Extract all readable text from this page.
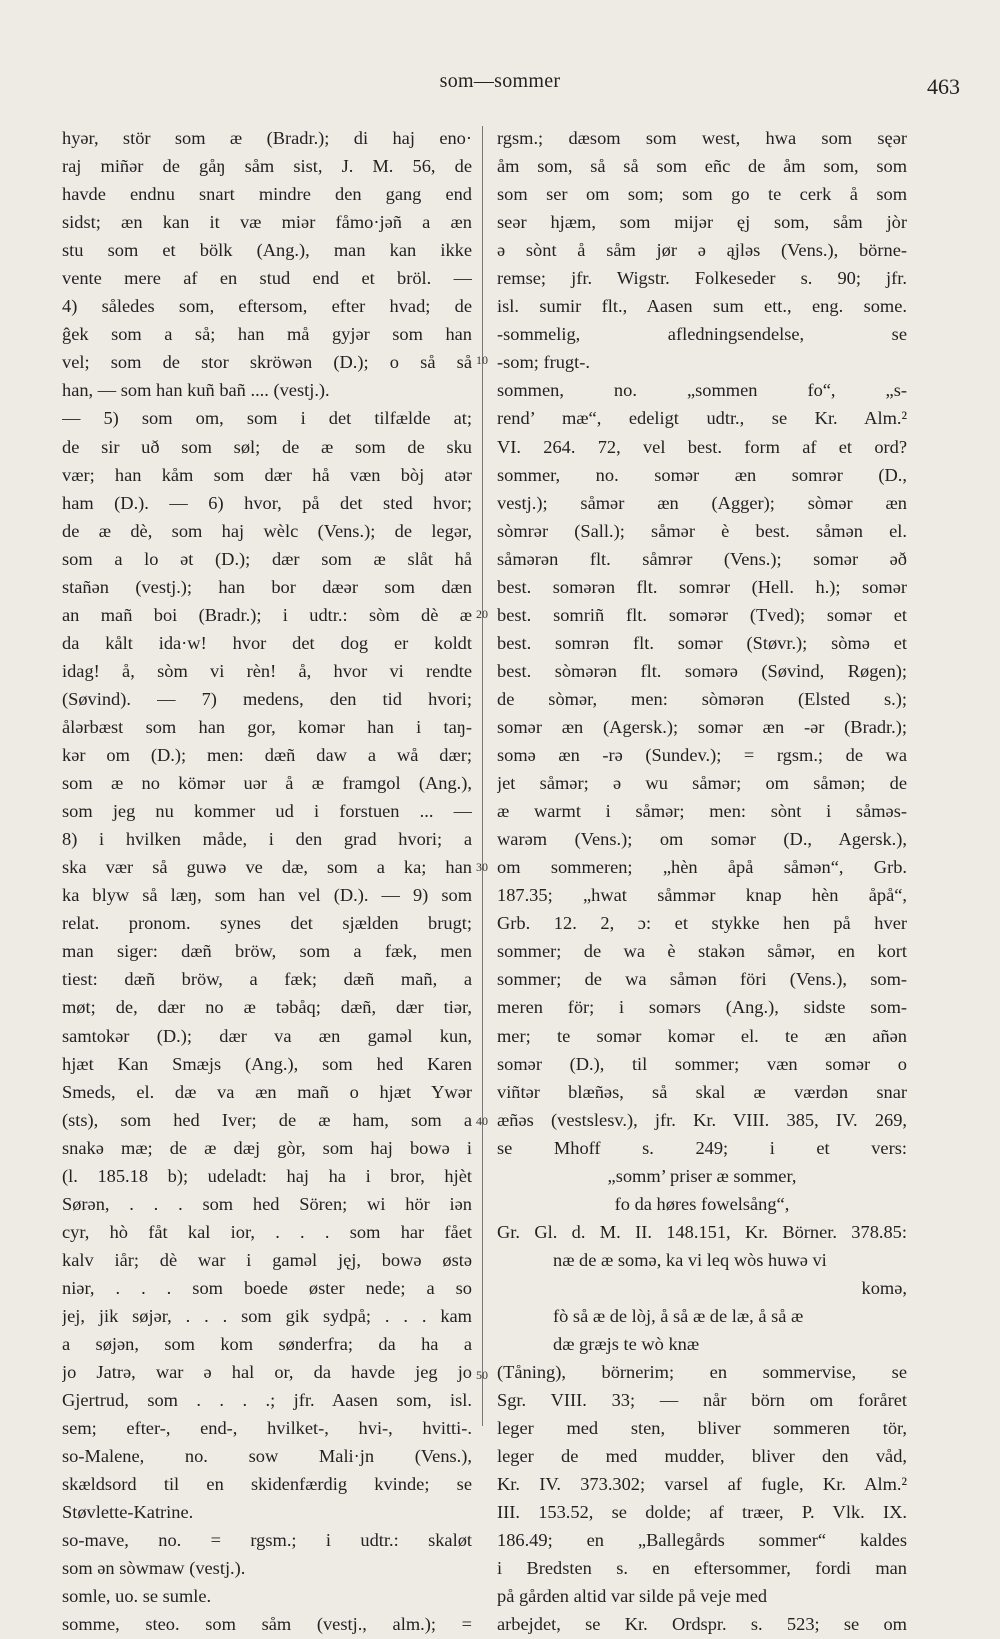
som—sommer	463
10
20
30
40
50
hyər, stör som æ (Bradr.); di haj eno·
raj miñər de gåŋ såm sist, J. M. 56, de
havde endnu snart mindre den gang end
sidst; æn kan it væ miər fåmo·jəñ a æn
stu som et bölk (Ang.), man kan ikke
vente mere af en stud end et bröl. —
4) således som, eftersom, efter hvad; de
ĝek som a så; han må gyjər som han
vel; som de stor skröwən (D.); o så så
han, — som han kuñ bañ .... (vestj.).
— 5) som om, som i det tilfælde at;
de sir uð som søl; de æ som de sku
vær; han kåm som dær hå væn bòj atər
ham (D.). — 6) hvor, på det sted hvor;
de æ dè, som haj wèlc (Vens.); de legər,
som a lo ət (D.); dær som æ slåt hå
stañən (vestj.); han bor dæər som dæn
an mañ boi (Bradr.); i udtr.: sòm dè æ
da kålt ida·w! hvor det dog er koldt
idag! å, sòm vi rèn! å, hvor vi rendte
(Søvind). — 7) medens, den tid hvori;
ålərbæst som han gor, komər han i taŋ-
kər om (D.); men: dæñ daw a wå dær;
som æ no kömər uər å æ framgol (Ang.),
som jeg nu kommer ud i forstuen ... —
8) i hvilken måde, i den grad hvori; a
ska vær så guwə ve dæ, som a ka; han
ka blyw så læŋ, som han vel (D.). — 9) som
relat. pronom. synes det sjælden brugt;
man siger: dæñ bröw, som a fæk, men
tiest: dæñ bröw, a fæk; dæñ mañ, a
møt; de, dær no æ təbåq; dæñ, dær tiər,
samtokər (D.); dær va æn gaməl kun,
hjæt Kan Smæjs (Ang.), som hed Karen
Smeds, el. dæ va æn mañ o hjæt Ywər
(sts), som hed Iver; de æ ham, som a
snakə mæ; de æ dæj gòr, som haj bowə i
(l. 185.18 b); udeladt: haj ha i bror, hjèt
Sørən, . . . som hed Sören; wi hör iən
cyr, hò fåt kal ior, . . . som har fået
kalv iår; dè war i gaməl jęj, bowə østə
niər, . . . som boede øster nede; a so
jej, jik søjər, . . . som gik sydpå; . . . kam
a søjən, som kom sønderfra; da ha a
jo Jatrə, war ə hal or, da havde jeg jo
Gjertrud, som . . . .; jfr. Aasen som, isl.
sem; efter-, end-, hvilket-, hvi-, hvitti-.
so-Malene, no. sow Mali·jn (Vens.),
skældsord til en skidenfærdig kvinde; se
Støvlette-Katrine.
so-mave, no. = rgsm.; i udtr.: skaløt
som ən sòwmaw (vestj.).
somle, uo. se sumle.
somme, steo. som såm (vestj., alm.); =
rgsm.; dæsom som west, hwa som sęər
åm som, så så som eñc de åm som, som
som ser om som; som go te cerk å som
seər hjæm, som mijər ęj som, såm jòr
ə sònt å såm jør ə ąjləs (Vens.), börne-
remse; jfr. Wigstr. Folkeseder s. 90; jfr.
isl. sumir flt., Aasen sum ett., eng. some.
-sommelig, afledningsendelse, se
-som; frugt-.
sommen, no. „sommen fo“, „s-
rend’ mæ“, edeligt udtr., se Kr. Alm.²
VI. 264. 72, vel best. form af et ord?
sommer, no. somər æn somrər (D.,
vestj.); såmər æn (Agger); sòmər æn
sòmrər (Sall.); såmər è best. såmən el.
såmərən flt. såmrər (Vens.); somər əð
best. somərən flt. somrər (Hell. h.); somər
best. somriñ flt. somərər (Tved); somər et
best. somrən flt. somər (Støvr.); sòmə et
best. sòmərən flt. somərə (Søvind, Røgen);
de sòmər, men: sòmərən (Elsted s.);
somər æn (Agersk.); somər æn -ər (Bradr.);
somə æn -rə (Sundev.); = rgsm.; de wa
jet såmər; ə wu såmər; om såmən; de
æ warmt i såmər; men: sònt i såməs-
warəm (Vens.); om somər (D., Agersk.),
om sommeren; „hèn åpå såmən“, Grb.
187.35; „hwat såmmər knap hèn åpå“,
Grb. 12. 2, ɔ: et stykke hen på hver
sommer; de wa è stakən såmər, en kort
sommer; de wa såmən föri (Vens.), som-
meren för; i somərs (Ang.), sidste som-
mer; te somər komər el. te æn añən
somər (D.), til sommer; væn somər o
viñtər blæñəs, så skal æ værdən snar
æñəs (vestslesv.), jfr. Kr. VIII. 385, IV. 269,
se Mhoff s. 249; i et vers:
„somm’ priser æ sommer,
fo da høres fowelsång“,
Gr. Gl. d. M. II. 148.151, Kr. Börner. 378.85:
næ de æ somə, ka vi leq wòs huwə vi
komə,
fò så æ de lòj, å så æ de læ, å så æ
dæ græjs te wò knæ
(Tåning), börnerim; en sommervise, se
Sgr. VIII. 33; — når börn om foråret
leger med sten, bliver sommeren tör,
leger de med mudder, bliver den våd,
Kr. IV. 373.302; varsel af fugle, Kr. Alm.²
III. 153.52, se dolde; af træer, P. Vlk. IX.
186.49; en „Ballegårds sommer“ kaldes
i Bredsten s. en eftersommer, fordi man
på gården altid var silde på veje med
arbejdet, se Kr. Ordspr. s. 523; se om
